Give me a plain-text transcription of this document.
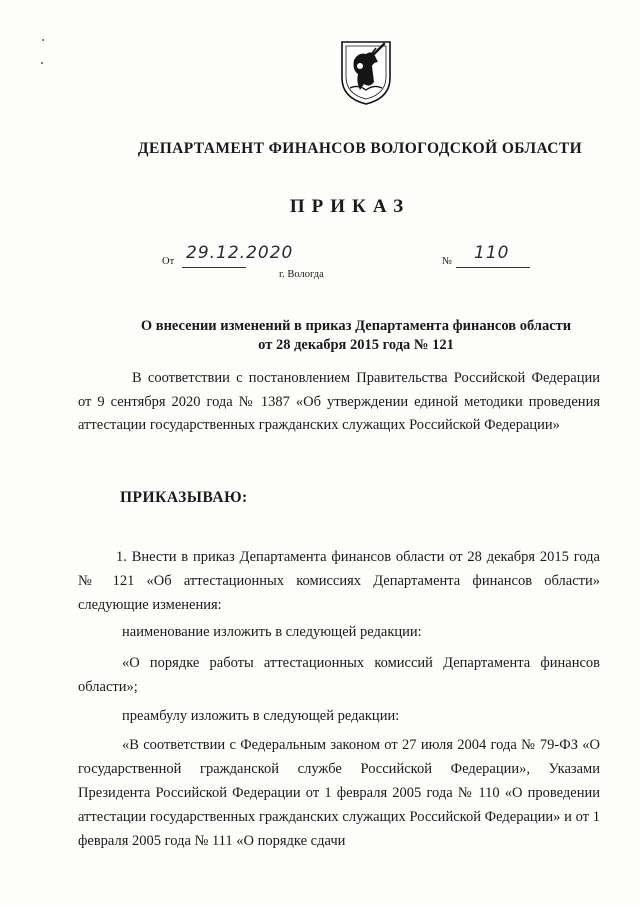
ДЕПАРТАМЕНТ ФИНАНСОВ ВОЛОГОДСКОЙ ОБЛАСТИ
ПРИКАЗ
От 29.12.2020
г. Вологда
№ 110
О внесении изменений в приказ Департамента финансов области
от 28 декабря 2015 года № 121
В соответствии с постановлением Правительства Российской Федерации от 9 сентября 2020 года № 1387 «Об утверждении единой методики проведения аттестации государственных гражданских служащих Российской Федерации»
ПРИКАЗЫВАЮ:
1. Внести в приказ Департамента финансов области от 28 декабря 2015 года № 121 «Об аттестационных комиссиях Департамента финансов области» следующие изменения:
наименование изложить в следующей редакции:
«О порядке работы аттестационных комиссий Департамента финансов области»;
преамбулу изложить в следующей редакции:
«В соответствии с Федеральным законом от 27 июля 2004 года № 79-ФЗ «О государственной гражданской службе Российской Федерации», Указами Президента Российской Федерации от 1 февраля 2005 года № 110 «О проведении аттестации государственных гражданских служащих Российской Федерации» и от 1 февраля 2005 года № 111 «О порядке сдачи
